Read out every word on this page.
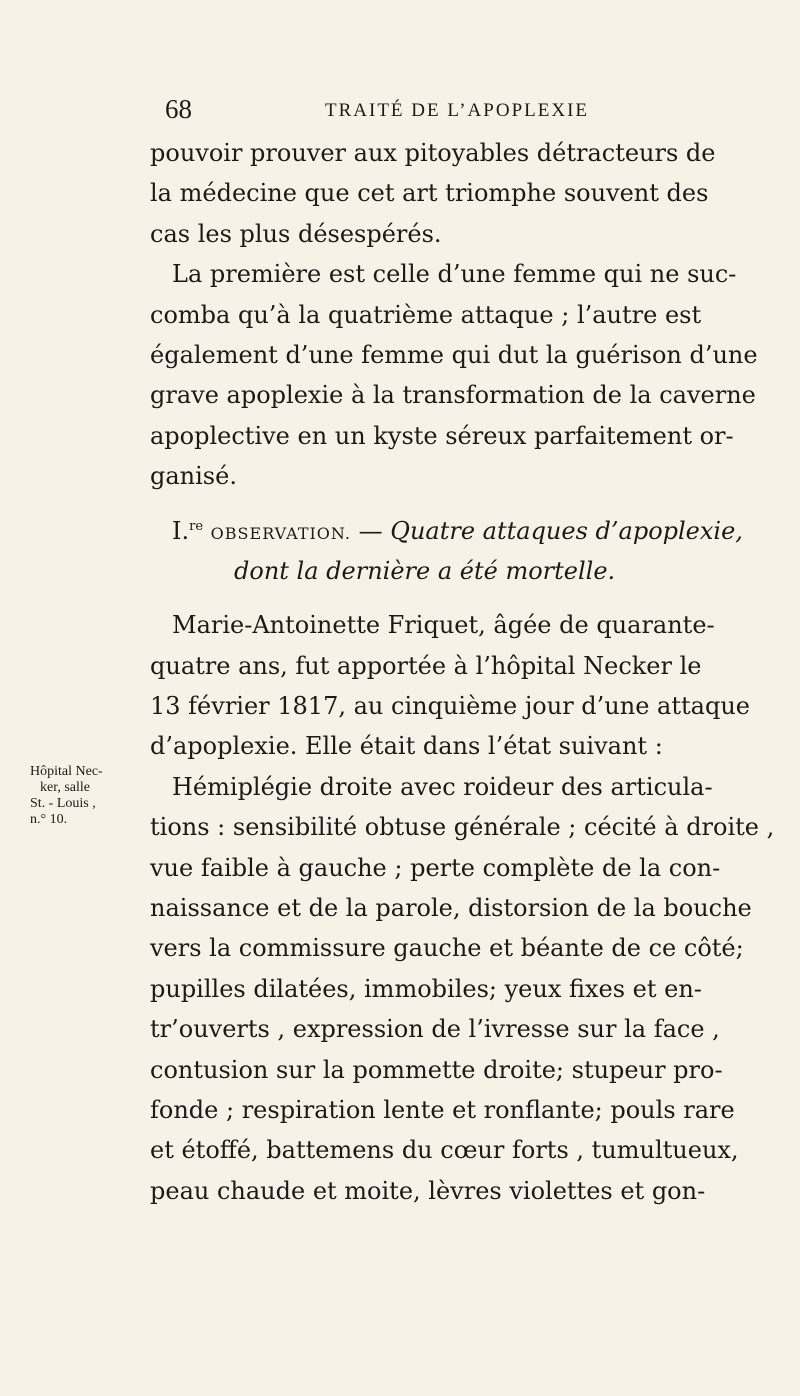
68	TRAITÉ DE L’APOPLEXIE
Hôpital Nec-
ker, salle
St. - Louis ,
n.° 10.
pouvoir prouver aux pitoyables détracteurs de
la médecine que cet art triomphe souvent des
cas les plus désespérés.
La première est celle d’une femme qui ne suc-
comba qu’à la quatrième attaque ; l’autre est
également d’une femme qui dut la guérison d’une
grave apoplexie à la transformation de la caverne
apoplective en un kyste séreux parfaitement or-
ganisé.
I.$^{re}$ OBSERVATION. — Quatre attaques d’apoplexie,
dont la dernière a été mortelle.
Marie-Antoinette Friquet, âgée de quarante-
quatre ans, fut apportée à l’hôpital Necker le
13 février 1817, au cinquième jour d’une attaque
d’apoplexie. Elle était dans l’état suivant :
Hémiplégie droite avec roideur des articula-
tions : sensibilité obtuse générale ; cécité à droite ,
vue faible à gauche ; perte complète de la con-
naissance et de la parole, distorsion de la bouche
vers la commissure gauche et béante de ce côté;
pupilles dilatées, immobiles; yeux fixes et en-
tr’ouverts , expression de l’ivresse sur la face ,
contusion sur la pommette droite; stupeur pro-
fonde ; respiration lente et ronflante; pouls rare
et étoffé, battemens du cœur forts , tumultueux,
peau chaude et moite, lèvres violettes et gon-
